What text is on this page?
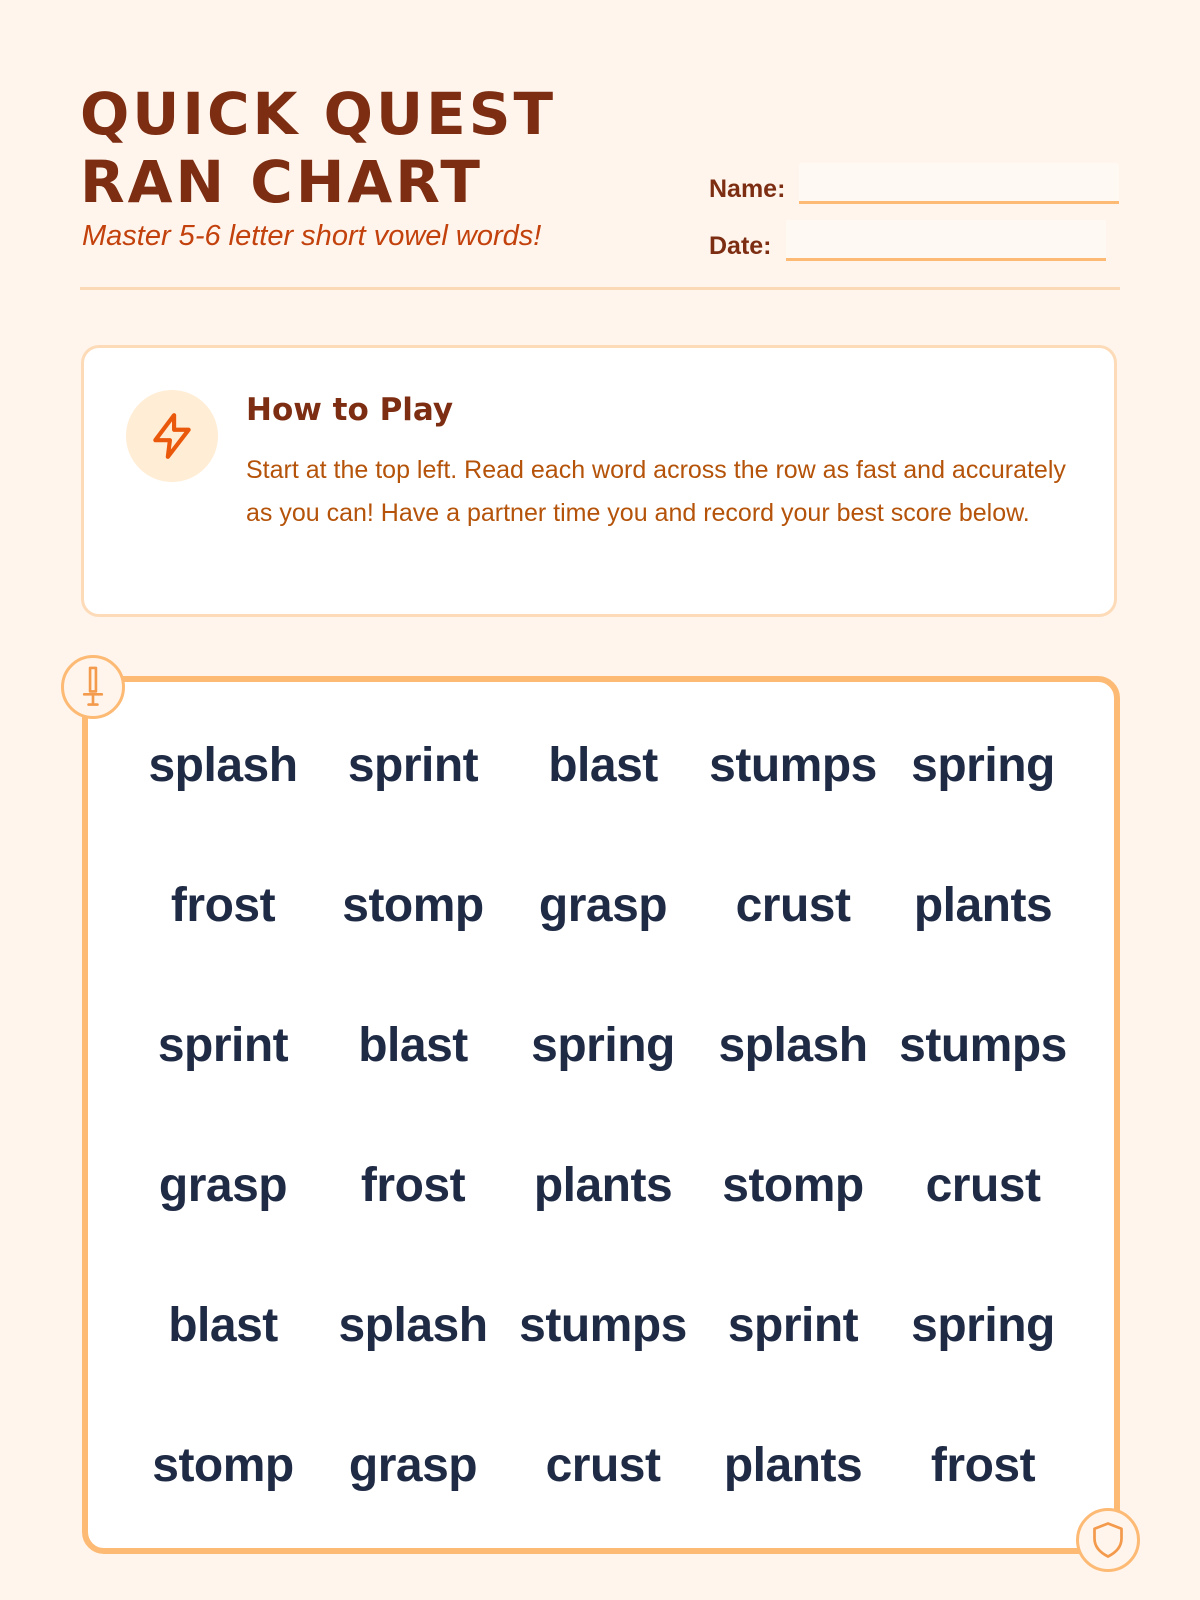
QUICK QUEST
RAN CHART

Master 5-6 letter short vowel words!

Name:
Date:
How to Play

Start at the top left. Read each word across the row as fast and accurately as you can! Have a partner time you and record your best score below.

splash	sprint	blast	stumps spring
frost	stomp	grasp	crust	plants
sprint	blast	spring splash stumps
grasp	frost	plants	stomp	crust
blast	splash stumps sprint	spring
stomp	grasp	crust	plants	frost
